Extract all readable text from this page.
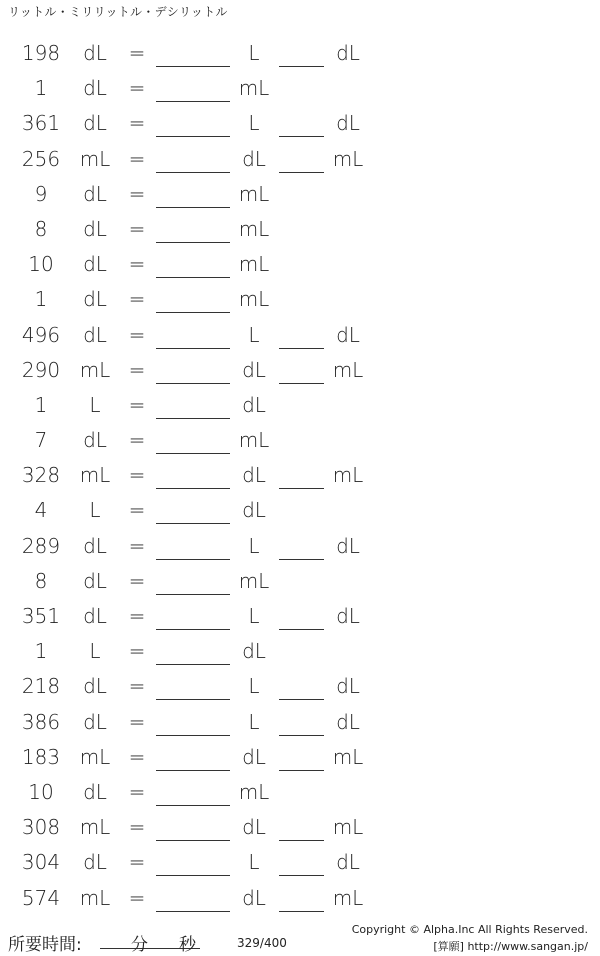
リットル・ミリリットル・デシリットル
198 dL =	L	dL
1	dL =	mL
361 dL =	L	dL
256 mL =	dL	mL
9	dL =	mL
8	dL =	mL
10	dL =	mL
1	dL =	mL
496 dL =	L	dL
290 mL =	dL	mL
1	L	=	dL
7	dL =	mL
328 mL =	dL	mL
4	L	=	dL
289 dL =	L	dL
8	dL =	mL
351 dL =	L	dL
1	L	=	dL
218 dL =	L	dL
386 dL =	L	dL
183 mL =	dL	mL
10	dL =	mL
308 mL =	dL	mL
304 dL =	L	dL
574 mL =	dL	mL
所要時間:	分 秒	329/400
Copyright © Alpha.Inc All Rights Reserved.
[算願] http://www.sangan.jp/
